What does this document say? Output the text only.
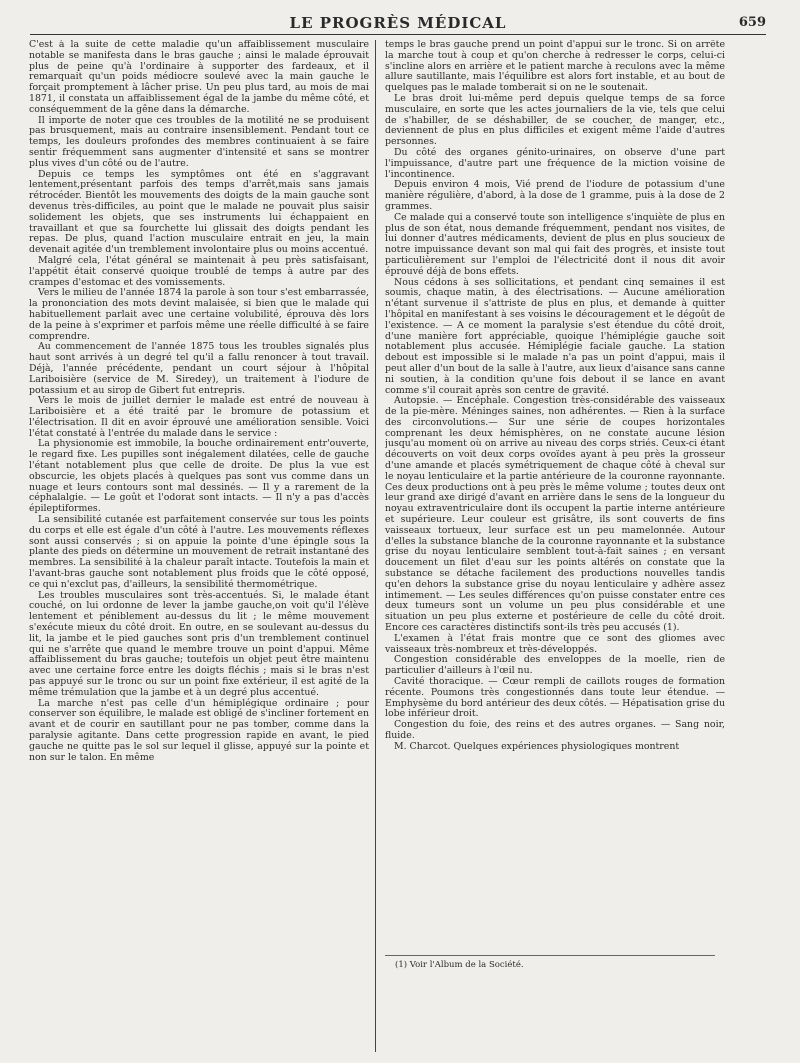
LE PROGRÈS MÉDICAL	659

C'est à la suite de cette maladie qu'un affaiblissement musculaire notable se manifesta dans le bras gauche ; ainsi le malade éprouvait plus de peine qu'à l'ordinaire à supporter des fardeaux, et il remarquait qu'un poids médiocre soulevé avec la main gauche le forçait promptement à lâcher prise. Un peu plus tard, au mois de mai 1871, il constata un affaiblissement égal de la jambe du même côté, et conséquemment de la gêne dans la démarche.

Il importe de noter que ces troubles de la motilité ne se produisent pas brusquement, mais au contraire insensiblement. Pendant tout ce temps, les douleurs profondes des membres continuaient à se faire sentir fréquemment sans augmenter d'intensité et sans se montrer plus vives d'un côté ou de l'autre.

Depuis ce temps les symptômes ont été en s'aggravant lentement,présentant parfois des temps d'arrêt,mais sans jamais rétrocéder. Bientôt les mouvements des doigts de la main gauche sont devenus très-difficiles, au point que le malade ne pouvait plus saisir solidement les objets, que ses instruments lui échappaient en travaillant et que sa fourchette lui glissait des doigts pendant les repas. De plus, quand l'action musculaire entrait en jeu, la main devenait agitée d'un tremblement involontaire plus ou moins accentué.

Malgré cela, l'état général se maintenait à peu près satisfaisant, l'appétit était conservé quoique troublé de temps à autre par des crampes d'estomac et des vomissements.

Vers le milieu de l'année 1874 la parole à son tour s'est embarrassée, la prononciation des mots devint malaisée, si bien que le malade qui habituellement parlait avec une certaine volubilité, éprouva dès lors de la peine à s'exprimer et parfois même une réelle difficulté à se faire comprendre.

Au commencement de l'année 1875 tous les troubles signalés plus haut sont arrivés à un degré tel qu'il a fallu renoncer à tout travail. Déjà, l'année précédente, pendant un court séjour à l'hôpital Lariboisière (service de M. Siredey), un traitement à l'iodure de potassium et au sirop de Gibert fut entrepris.

Vers le mois de juillet dernier le malade est entré de nouveau à Lariboisière et a été traité par le bromure de potassium et l'électrisation. Il dit en avoir éprouvé une amélioration sensible. Voici l'état constaté à l'entrée du malade dans le service :

La physionomie est immobile, la bouche ordinairement entr'ouverte, le regard fixe. Les pupilles sont inégalement dilatées, celle de gauche l'étant notablement plus que celle de droite. De plus la vue est obscurcie, les objets placés à quelques pas sont vus comme dans un nuage et leurs contours sont mal dessinés. — Il y a rarement de la céphalalgie. — Le goût et l'odorat sont intacts. — Il n'y a pas d'accès épileptiformes.

La sensibilité cutanée est parfaitement conservée sur tous les points du corps et elle est égale d'un côté à l'autre. Les mouvements réflexes sont aussi conservés ; si on appuie la pointe d'une épingle sous la plante des pieds on détermine un mouvement de retrait instantané des membres. La sensibilité à la chaleur paraît intacte. Toutefois la main et l'avant-bras gauche sont notablement plus froids que le côté opposé, ce qui n'exclut pas, d'ailleurs, la sensibilité thermométrique.

Les troubles musculaires sont très-accentués. Si, le malade étant couché, on lui ordonne de lever la jambe gauche,on voit qu'il l'élève lentement et péniblement au-dessus du lit ; le même mouvement s'exécute mieux du côté droit. En outre, en se soulevant au-dessus du lit, la jambe et le pied gauches sont pris d'un tremblement continuel qui ne s'arrête que quand le membre trouve un point d'appui. Même affaiblissement du bras gauche; toutefois un objet peut être maintenu avec une certaine force entre les doigts fléchis ; mais si le bras n'est pas appuyé sur le tronc ou sur un point fixe extérieur, il est agité de la même trémulation que la jambe et à un degré plus accentué.

La marche n'est pas celle d'un hémiplégique ordinaire ; pour conserver son équilibre, le malade est obligé de s'incliner fortement en avant et de courir en sautillant pour ne pas tomber, comme dans la paralysie agitante. Dans cette progression rapide en avant, le pied gauche ne quitte pas le sol sur lequel il glisse, appuyé sur la pointe et non sur le talon. En même

temps le bras gauche prend un point d'appui sur le tronc. Si on arrête la marche tout à coup et qu'on cherche à redresser le corps, celui-ci s'incline alors en arrière et le patient marche à reculons avec la même allure sautillante, mais l'équilibre est alors fort instable, et au bout de quelques pas le malade tomberait si on ne le soutenait.

Le bras droit lui-même perd depuis quelque temps de sa force musculaire, en sorte que les actes journaliers de la vie, tels que celui de s'habiller, de se déshabiller, de se coucher, de manger, etc., deviennent de plus en plus difficiles et exigent même l'aide d'autres personnes.

Du côté des organes génito-urinaires, on observe d'une part l'impuissance, d'autre part une fréquence de la miction voisine de l'incontinence.

Depuis environ 4 mois, Vié prend de l'iodure de potassium d'une manière régulière, d'abord, à la dose de 1 gramme, puis à la dose de 2 grammes.

Ce malade qui a conservé toute son intelligence s'inquiète de plus en plus de son état, nous demande fréquemment, pendant nos visites, de lui donner d'autres médicaments, devient de plus en plus soucieux de notre impuissance devant son mal qui fait des progrès, et insiste tout particulièrement sur l'emploi de l'électricité dont il nous dit avoir éprouvé déjà de bons effets.

Nous cédons à ses sollicitations, et pendant cinq semaines il est soumis, chaque matin, à des électrisations. — Aucune amélioration n'étant survenue il s'attriste de plus en plus, et demande à quitter l'hôpital en manifestant à ses voisins le découragement et le dégoût de l'existence. — A ce moment la paralysie s'est étendue du côté droit, d'une manière fort appréciable, quoique l'hémiplégie gauche soit notablement plus accusée. Hémiplégie faciale gauche. La station debout est impossible si le malade n'a pas un point d'appui, mais il peut aller d'un bout de la salle à l'autre, aux lieux d'aisance sans canne ni soutien, à la condition qu'une fois debout il se lance en avant comme s'il courait après son centre de gravité.

Autopsie. — Encéphale. Congestion très-considérable des vaisseaux de la pie-mère. Méninges saines, non adhérentes. — Rien à la surface des circonvolutions.— Sur une série de coupes horizontales comprenant les deux hémisphères, on ne constate aucune lésion jusqu'au moment où on arrive au niveau des corps striés. Ceux-ci étant découverts on voit deux corps ovoïdes ayant à peu près la grosseur d'une amande et placés symétriquement de chaque côté à cheval sur le noyau lenticulaire et la partie antérieure de la couronne rayonnante. Ces deux productions ont à peu près le même volume ; toutes deux ont leur grand axe dirigé d'avant en arrière dans le sens de la longueur du noyau extraventriculaire dont ils occupent la partie interne antérieure et supérieure. Leur couleur est grisâtre, ils sont couverts de fins vaisseaux tortueux, leur surface est un peu mamelonnée. Autour d'elles la substance blanche de la couronne rayonnante et la substance grise du noyau lenticulaire semblent tout-à-fait saines ; en versant doucement un filet d'eau sur les points altérés on constate que la substance se détache facilement des productions nouvelles tandis qu'en dehors la substance grise du noyau lenticulaire y adhère assez intimement. — Les seules différences qu'on puisse constater entre ces deux tumeurs sont un volume un peu plus considérable et une situation un peu plus externe et postérieure de celle du côté droit. Encore ces caractères distinctifs sont-ils très peu accusés (1).

L'examen à l'état frais montre que ce sont des gliomes avec vaisseaux très-nombreux et très-développés.

Congestion considérable des enveloppes de la moelle, rien de particulier d'ailleurs à l'œil nu.

Cavité thoracique. — Cœur rempli de caillots rouges de formation récente. Poumons très congestionnés dans toute leur étendue. — Emphysème du bord antérieur des deux côtés. — Hépatisation grise du lobe inférieur droit.

Congestion du foie, des reins et des autres organes. — Sang noir, fluide.

M. Charcot. Quelques expériences physiologiques montrent

(1) Voir l'Album de la Société.
